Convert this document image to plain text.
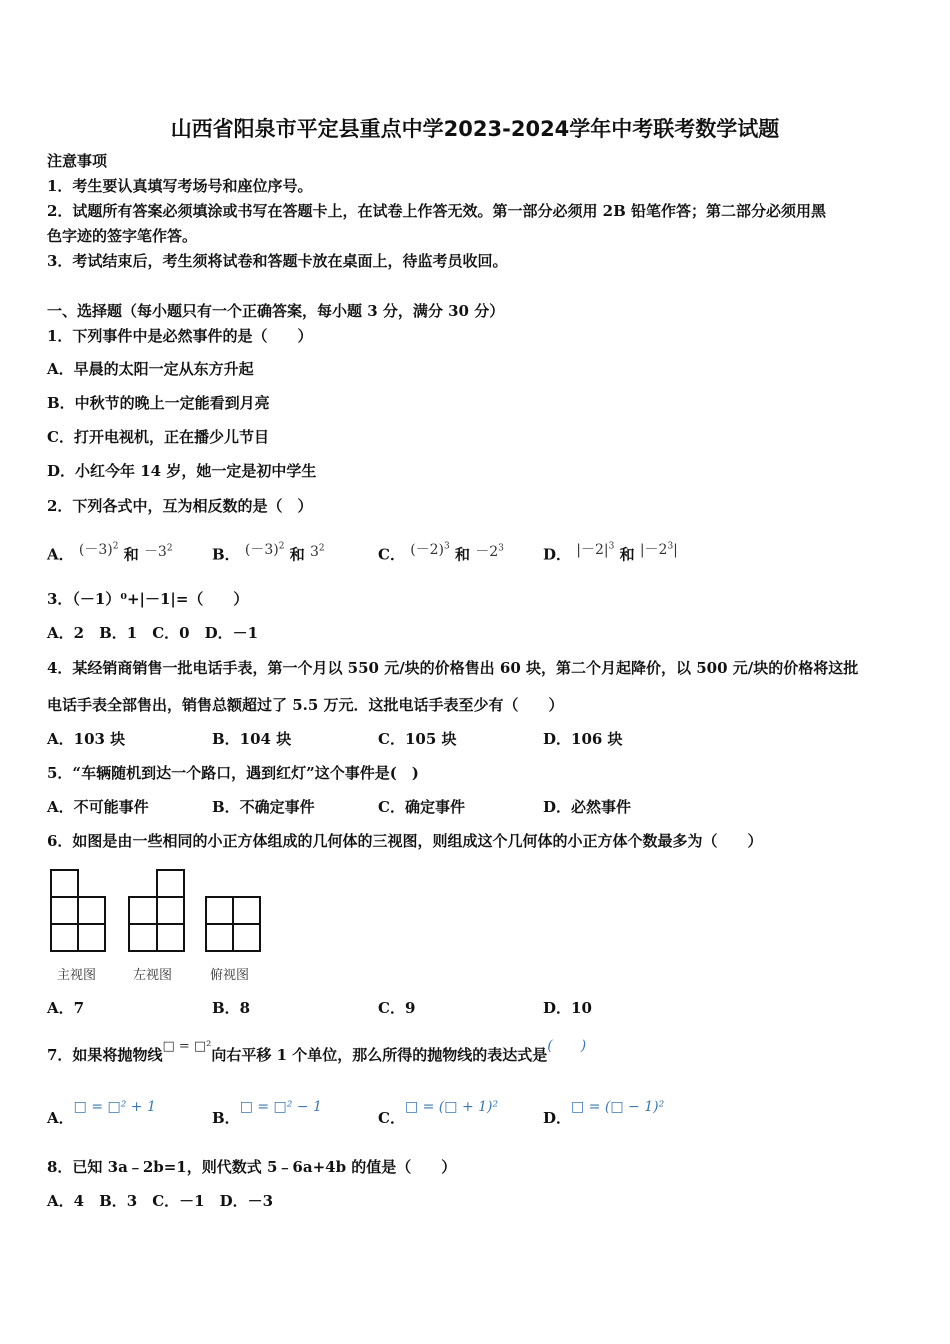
山西省阳泉市平定县重点中学2023-2024学年中考联考数学试题
注意事项
1．考生要认真填写考场号和座位序号。
2．试题所有答案必须填涂或书写在答题卡上，在试卷上作答无效。第一部分必须用 2B 铅笔作答；第二部分必须用黑
色字迹的签字笔作答。
3．考试结束后，考生须将试卷和答题卡放在桌面上，待监考员收回。
一、选择题（每小题只有一个正确答案，每小题 3 分，满分 30 分）
1．下列事件中是必然事件的是（　　）
A．早晨的太阳一定从东方升起
B．中秋节的晚上一定能看到月亮
C．打开电视机，正在播少儿节目
D．小红今年 14 岁，她一定是初中学生
2．下列各式中，互为相反数的是（　）
A． $(-3)^2$ 和 $-3^2$	B． $(-3)^2$ 和 $3^2$	C． $(-2)^3$ 和 $-2^3$	D． $|-2|^3$ 和 $|-2^3|$
3．（－1）⁰+|－1|=（　　）
A．2　B．1　C．0　D．－1
4．某经销商销售一批电话手表，第一个月以 550 元/块的价格售出 60 块，第二个月起降价，以 500 元/块的价格将这批
电话手表全部售出，销售总额超过了 5.5 万元．这批电话手表至少有（　　）
A．103 块	B．104 块	C．105 块	D．106 块
5．“车辆随机到达一个路口，遇到红灯”这个事件是(　)
A．不可能事件	B．不确定事件	C．确定事件	D．必然事件
6．如图是由一些相同的小正方体组成的几何体的三视图，则组成这个几何体的小正方体个数最多为（　　）
主视图	左视图	俯视图
A．7	B．8	C．9	D．10
7．如果将抛物线□ = □²向右平移 1 个单位，那么所得的抛物线的表达式是(　　)
A．□ = □² + 1
B．□ = □² − 1
C．□ = (□ + 1)²
D．□ = (□ − 1)²
8．已知 3a﹣2b=1，则代数式 5﹣6a+4b 的值是（　　）
A．4　B．3　C．－1　D．－3
